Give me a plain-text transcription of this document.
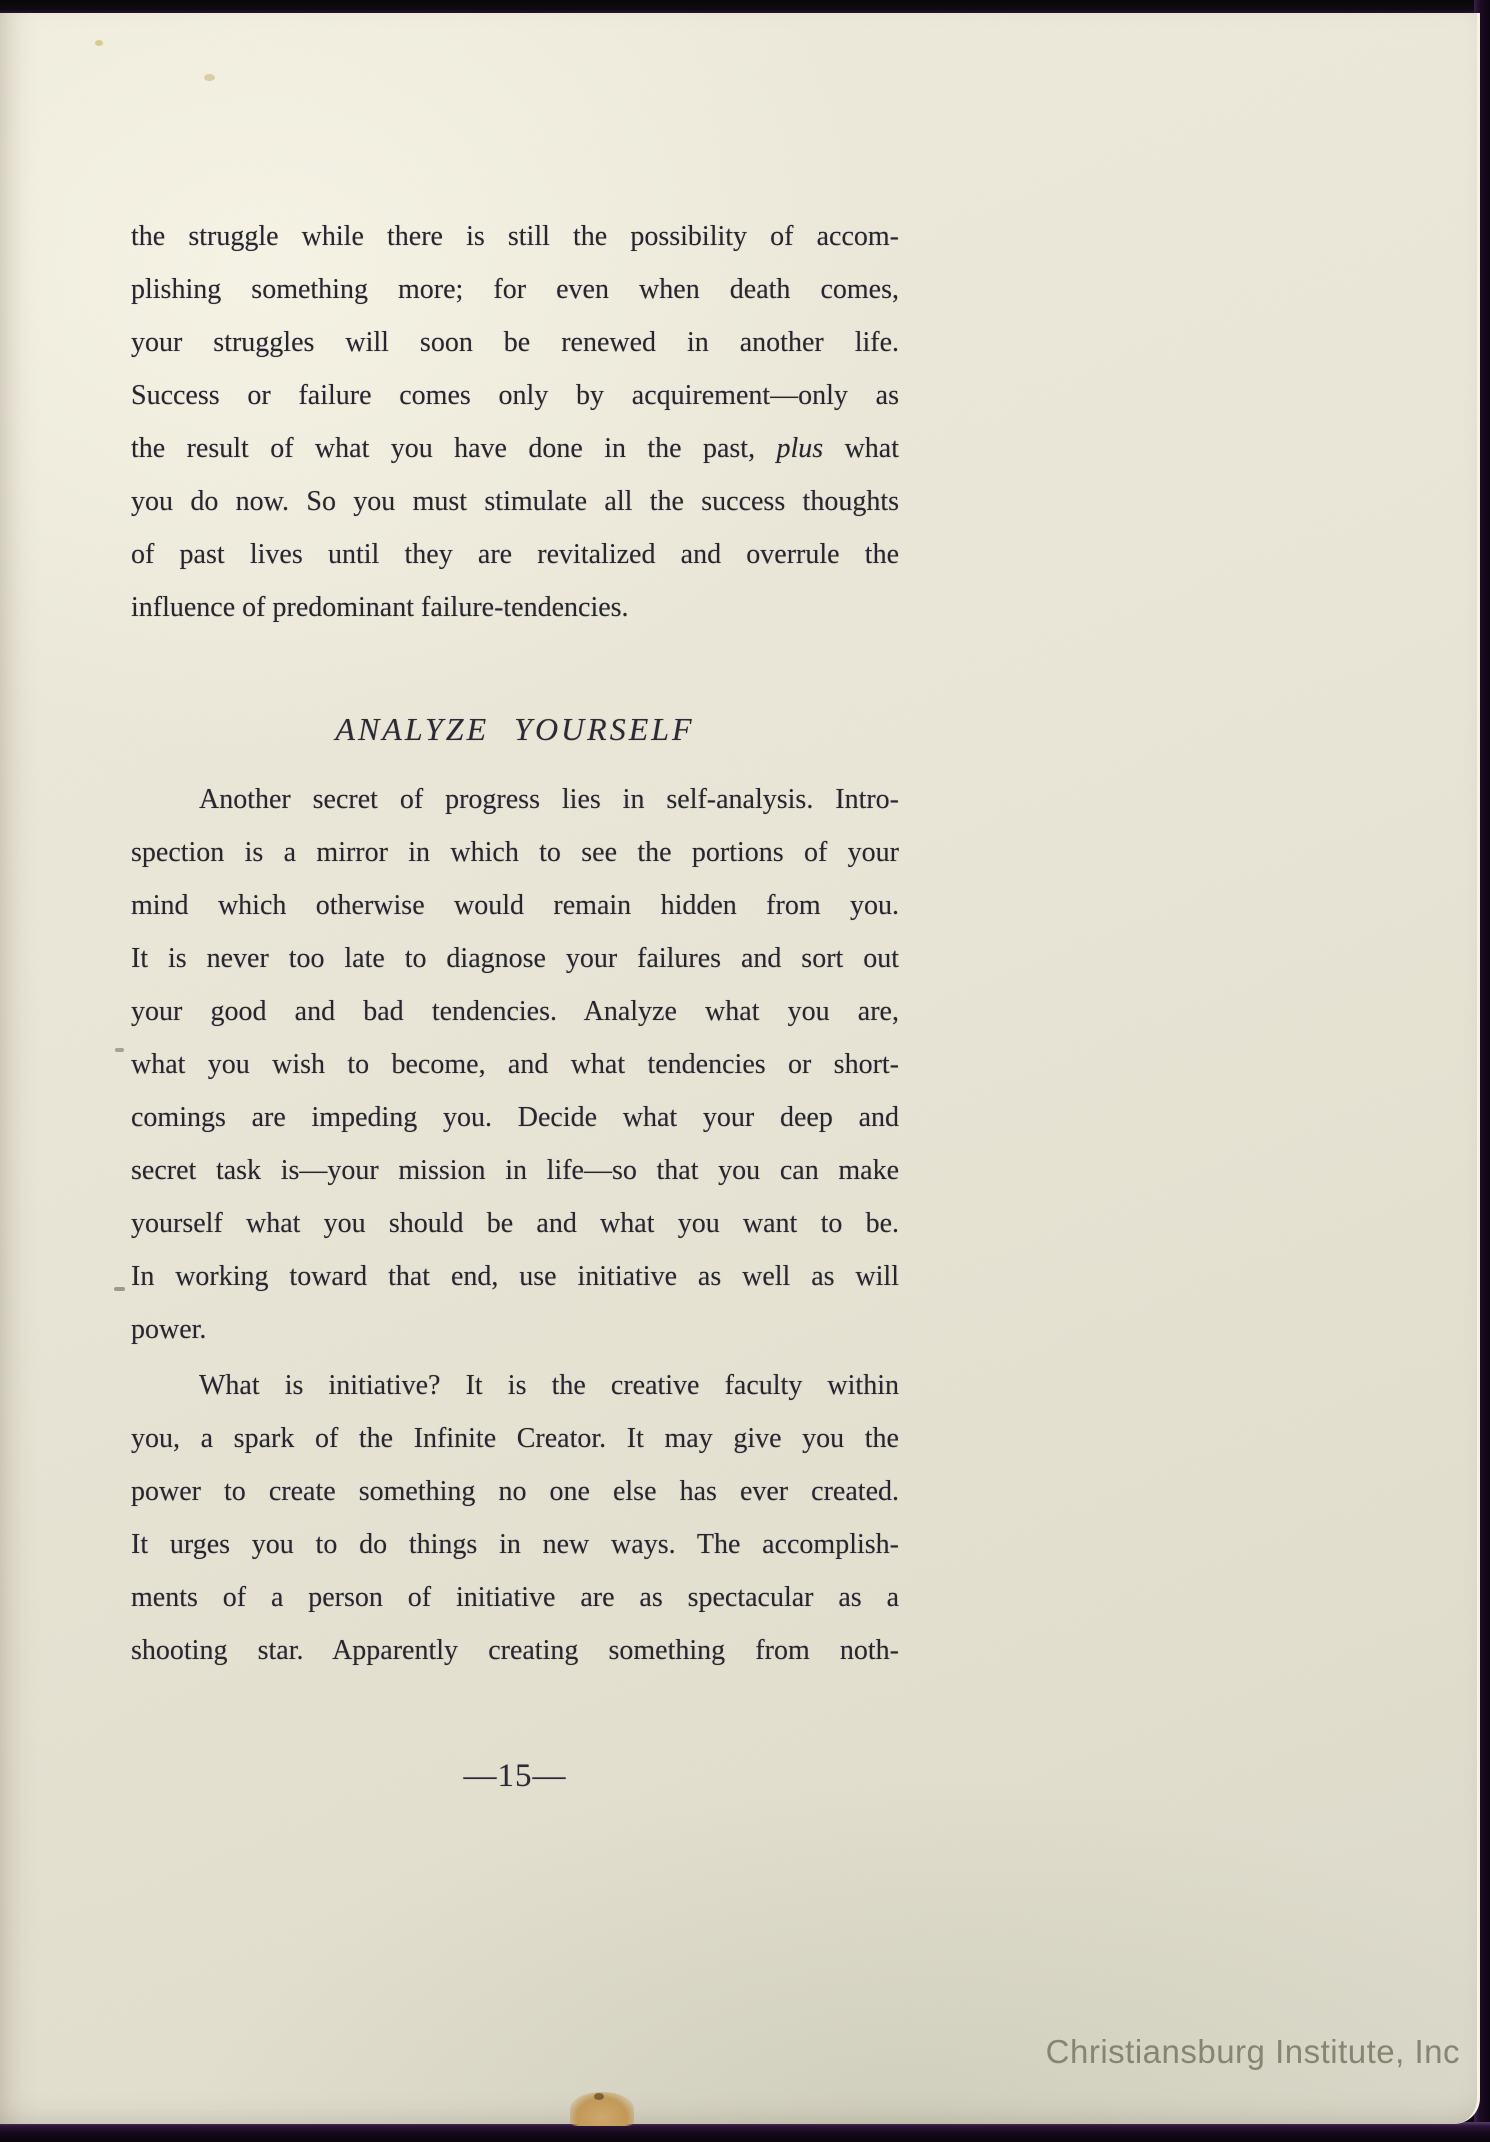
the struggle while there is still the possibility of accom-
plishing something more; for even when death comes,
your struggles will soon be renewed in another life.
Success or failure comes only by acquirement—only as
the result of what you have done in the past, plus what
you do now. So you must stimulate all the success thoughts
of past lives until they are revitalized and overrule the
influence of predominant failure-tendencies.
ANALYZE YOURSELF
Another secret of progress lies in self-analysis. Intro-
spection is a mirror in which to see the portions of your
mind which otherwise would remain hidden from you.
It is never too late to diagnose your failures and sort out
your good and bad tendencies. Analyze what you are,
what you wish to become, and what tendencies or short-
comings are impeding you. Decide what your deep and
secret task is—your mission in life—so that you can make
yourself what you should be and what you want to be.
In working toward that end, use initiative as well as will
power.
What is initiative? It is the creative faculty within
you, a spark of the Infinite Creator. It may give you the
power to create something no one else has ever created.
It urges you to do things in new ways. The accomplish-
ments of a person of initiative are as spectacular as a
shooting star. Apparently creating something from noth-
—15—
Christiansburg Institute, Inc
